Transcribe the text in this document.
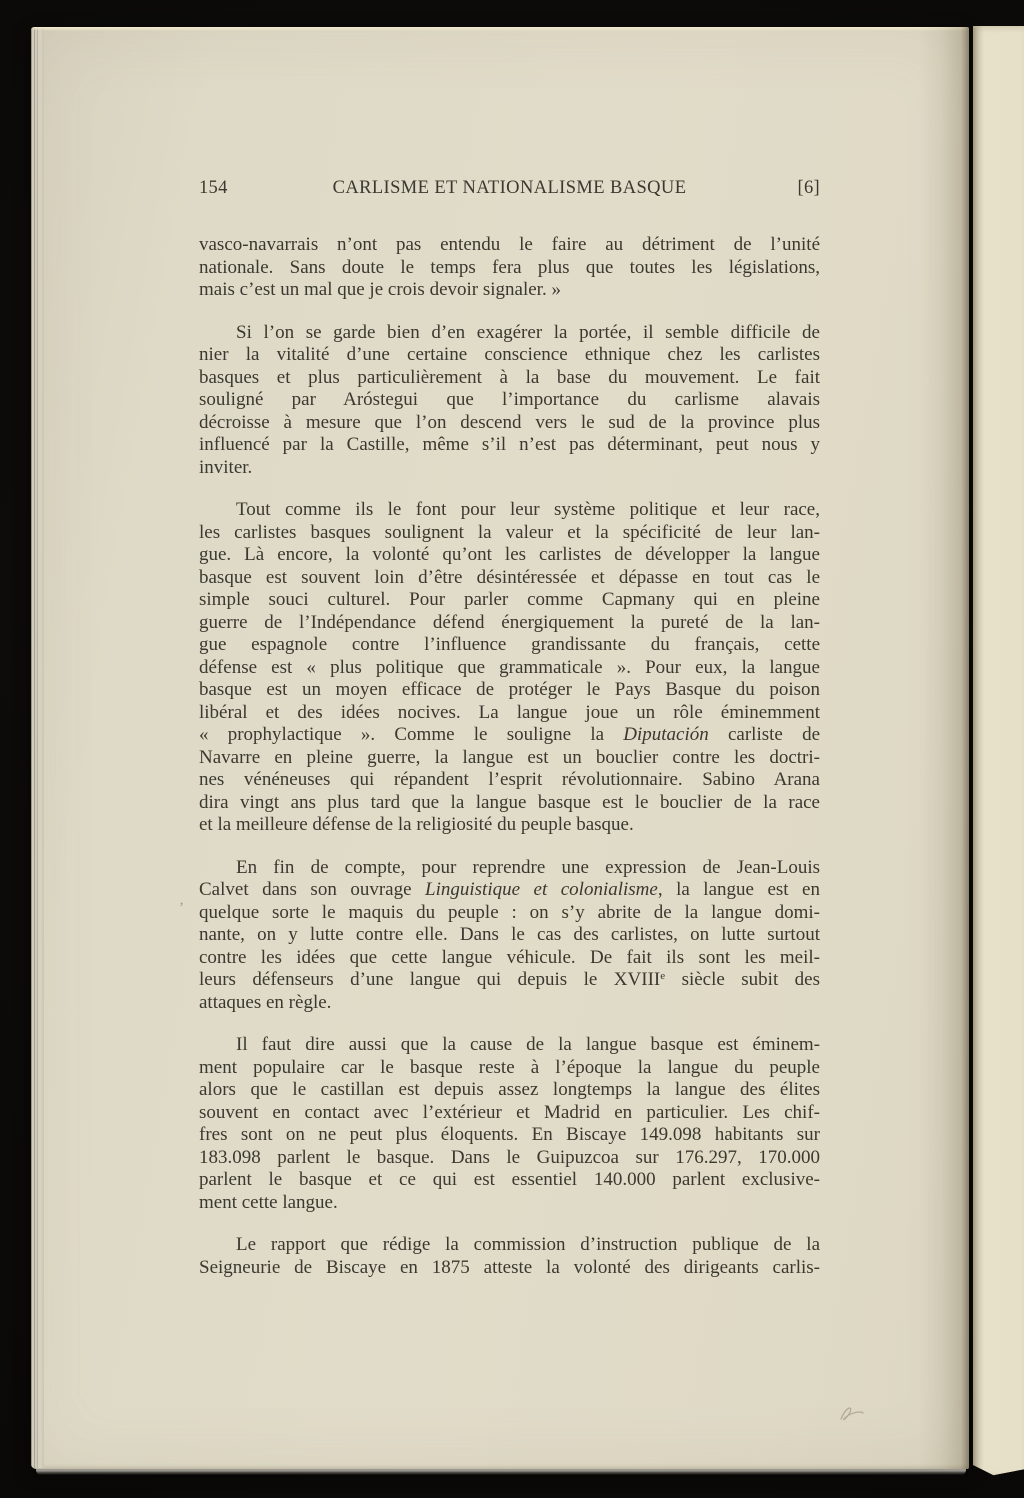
154	CARLISME ET NATIONALISME BASQUE	[6]

vasco-navarrais n’ont pas entendu le faire au détriment de l’unité
nationale. Sans doute le temps fera plus que toutes les législations,
mais c’est un mal que je crois devoir signaler. »

Si l’on se garde bien d’en exagérer la portée, il semble difficile de
nier la vitalité d’une certaine conscience ethnique chez les carlistes
basques et plus particulièrement à la base du mouvement. Le fait
souligné par Aróstegui que l’importance du carlisme alavais
décroisse à mesure que l’on descend vers le sud de la province plus
influencé par la Castille, même s’il n’est pas déterminant, peut nous y
inviter.

Tout comme ils le font pour leur système politique et leur race,
les carlistes basques soulignent la valeur et la spécificité de leur lan-
gue. Là encore, la volonté qu’ont les carlistes de développer la langue
basque est souvent loin d’être désintéressée et dépasse en tout cas le
simple souci culturel. Pour parler comme Capmany qui en pleine
guerre de l’Indépendance défend énergiquement la pureté de la lan-
gue espagnole contre l’influence grandissante du français, cette
défense est « plus politique que grammaticale ». Pour eux, la langue
basque est un moyen efficace de protéger le Pays Basque du poison
libéral et des idées nocives. La langue joue un rôle éminemment
« prophylactique ». Comme le souligne la Diputación carliste de
Navarre en pleine guerre, la langue est un bouclier contre les doctri-
nes vénéneuses qui répandent l’esprit révolutionnaire. Sabino Arana
dira vingt ans plus tard que la langue basque est le bouclier de la race
et la meilleure défense de la religiosité du peuple basque.

En fin de compte, pour reprendre une expression de Jean-Louis
Calvet dans son ouvrage Linguistique et colonialisme, la langue est en
quelque sorte le maquis du peuple : on s’y abrite de la langue domi-
nante, on y lutte contre elle. Dans le cas des carlistes, on lutte surtout
contre les idées que cette langue véhicule. De fait ils sont les meil-
leurs défenseurs d’une langue qui depuis le XVIIIe siècle subit des
attaques en règle.

Il faut dire aussi que la cause de la langue basque est éminem-
ment populaire car le basque reste à l’époque la langue du peuple
alors que le castillan est depuis assez longtemps la langue des élites
souvent en contact avec l’extérieur et Madrid en particulier. Les chif-
fres sont on ne peut plus éloquents. En Biscaye 149.098 habitants sur
183.098 parlent le basque. Dans le Guipuzcoa sur 176.297, 170.000
parlent le basque et ce qui est essentiel 140.000 parlent exclusive-
ment cette langue.

Le rapport que rédige la commission d’instruction publique de la
Seigneurie de Biscaye en 1875 atteste la volonté des dirigeants carlis-

’
